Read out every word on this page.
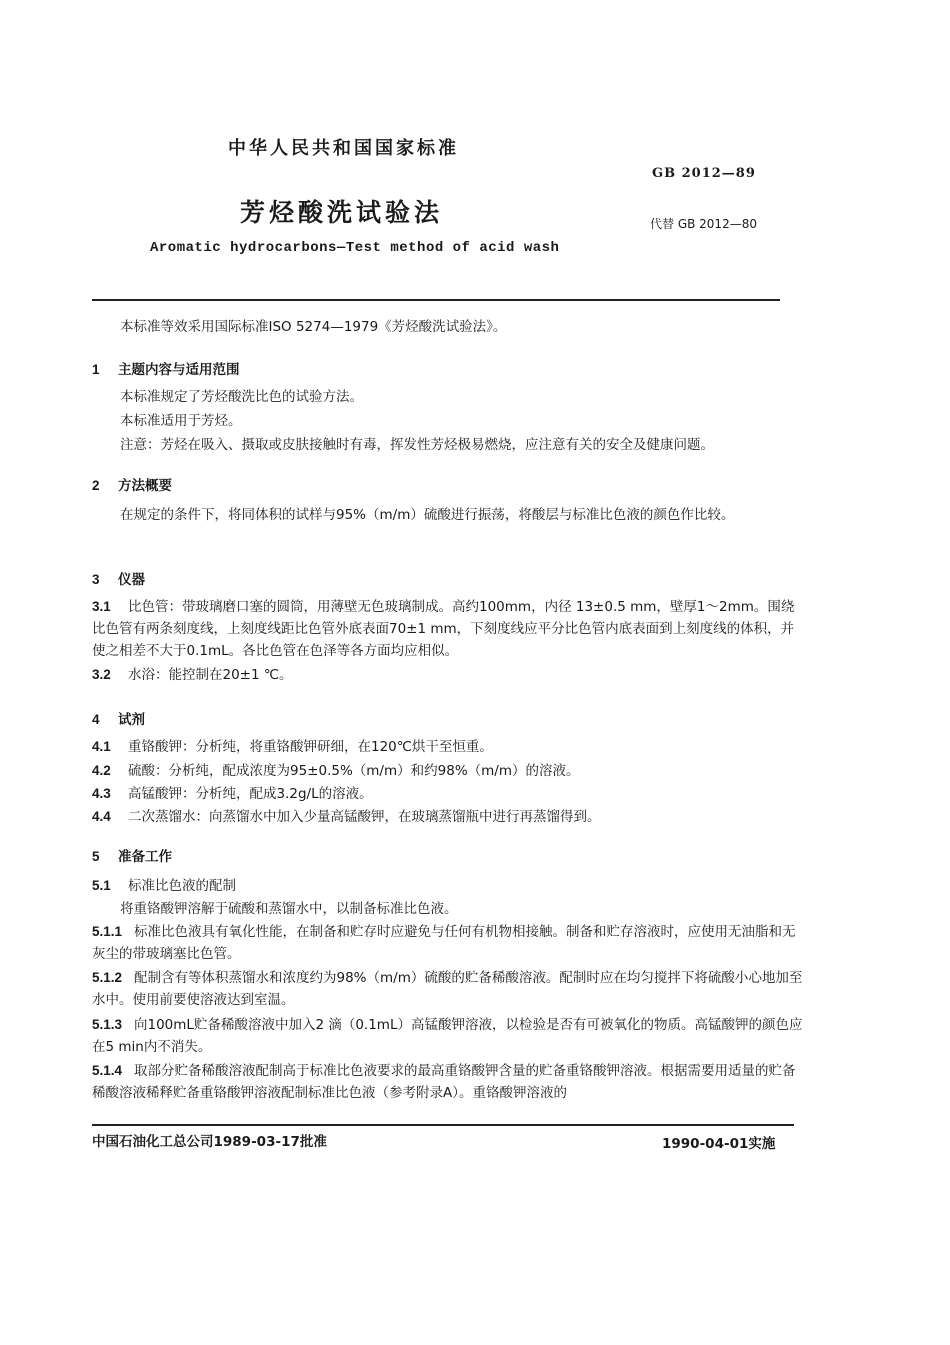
中华人民共和国国家标准
GB 2012—89
芳烃酸洗试验法	代替 GB 2012—80
Aromatic hydrocarbons—Test method of acid wash
本标准等效采用国际标准ISO 5274—1979《芳烃酸洗试验法》。
1 主题内容与适用范围
本标准规定了芳烃酸洗比色的试验方法。
本标准适用于芳烃。
注意：芳烃在吸入、摄取或皮肤接触时有毒，挥发性芳烃极易燃烧，应注意有关的安全及健康问题。
2 方法概要
在规定的条件下，将同体积的试样与95%（m/m）硫酸进行振荡，将酸层与标准比色液的颜色作比较。
3 仪器
3.1 比色管：带玻璃磨口塞的圆筒，用薄壁无色玻璃制成。高约100mm，内径 13±0.5 mm，壁厚1～2mm。围绕比色管有两条刻度线，上刻度线距比色管外底表面70±1 mm，下刻度线应平分比色管内底表面到上刻度线的体积，并使之相差不大于0.1mL。各比色管在色泽等各方面均应相似。
3.2 水浴：能控制在20±1 ℃。
4 试剂
4.1 重铬酸钾：分析纯，将重铬酸钾研细，在120℃烘干至恒重。
4.2 硫酸：分析纯，配成浓度为95±0.5%（m/m）和约98%（m/m）的溶液。
4.3 高锰酸钾：分析纯，配成3.2g/L的溶液。
4.4 二次蒸馏水：向蒸馏水中加入少量高锰酸钾，在玻璃蒸馏瓶中进行再蒸馏得到。
5 准备工作
5.1 标准比色液的配制
将重铬酸钾溶解于硫酸和蒸馏水中，以制备标准比色液。
5.1.1 标准比色液具有氧化性能，在制备和贮存时应避免与任何有机物相接触。制备和贮存溶液时，应使用无油脂和无灰尘的带玻璃塞比色管。
5.1.2 配制含有等体积蒸馏水和浓度约为98%（m/m）硫酸的贮备稀酸溶液。配制时应在均匀搅拌下将硫酸小心地加至水中。使用前要使溶液达到室温。
5.1.3 向100mL贮备稀酸溶液中加入2 滴（0.1mL）高锰酸钾溶液，以检验是否有可被氧化的物质。高锰酸钾的颜色应在5 min内不消失。
5.1.4 取部分贮备稀酸溶液配制高于标准比色液要求的最高重铬酸钾含量的贮备重铬酸钾溶液。根据需要用适量的贮备稀酸溶液稀释贮备重铬酸钾溶液配制标准比色液（参考附录A）。重铬酸钾溶液的
中国石油化工总公司1989-03-17批准	1990-04-01实施
